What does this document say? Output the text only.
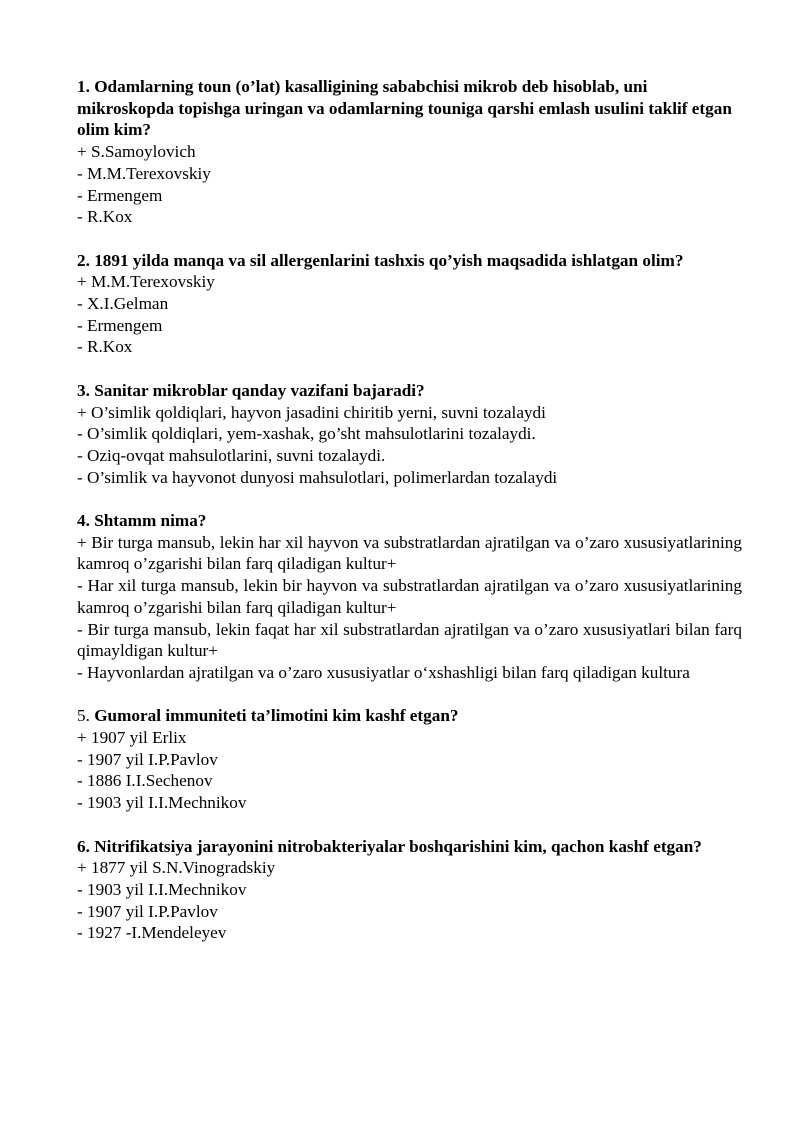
1. Odamlarning toun (o’lat) kasalligining sababchisi mikrob deb hisoblab, uni mikroskopda topishga uringan va odamlarning touniga qarshi emlash usulini taklif etgan olim kim?
+ S.Samoylovich
- M.M.Terexovskiy
- Ermengem
- R.Kox
2. 1891 yilda manqa va sil allergenlarini tashxis qo’yish maqsadida ishlatgan olim?
+ M.M.Terexovskiy
- X.I.Gelman
- Ermengem
- R.Kox
3. Sanitar mikroblar qanday vazifani bajaradi?
+ O’simlik qoldiqlari, hayvon jasadini chiritib yerni, suvni tozalaydi
- O’simlik qoldiqlari, yem-xashak, go’sht mahsulotlarini tozalaydi.
- Oziq-ovqat mahsulotlarini, suvni tozalaydi.
- O’simlik va hayvonot dunyosi mahsulotlari, polimerlardan tozalaydi
4. Shtamm nima?
+ Bir turga mansub, lekin har xil hayvon va substratlardan ajratilgan va o’zaro xususiyatlarining kamroq o’zgarishi bilan farq qiladigan kultur+
- Har xil turga mansub, lekin bir hayvon va substratlardan ajratilgan va o’zaro xususiyatlarining kamroq o’zgarishi bilan farq qiladigan kultur+
- Bir turga mansub, lekin faqat har xil substratlardan ajratilgan va o’zaro xususiyatlari bilan farq qimayldigan kultur+
- Hayvonlardan ajratilgan va o’zaro xususiyatlar o‘xshashligi bilan farq qiladigan kultura
5. Gumoral immuniteti ta’limotini kim kashf etgan?
+ 1907 yil Erlix
- 1907 yil I.P.Pavlov
- 1886 I.I.Sechenov
- 1903 yil I.I.Mechnikov
6. Nitrifikatsiya jarayonini nitrobakteriyalar boshqarishini kim, qachon kashf etgan?
+ 1877 yil S.N.Vinogradskiy
- 1903 yil I.I.Mechnikov
- 1907 yil I.P.Pavlov
- 1927 -I.Mendeleyev
